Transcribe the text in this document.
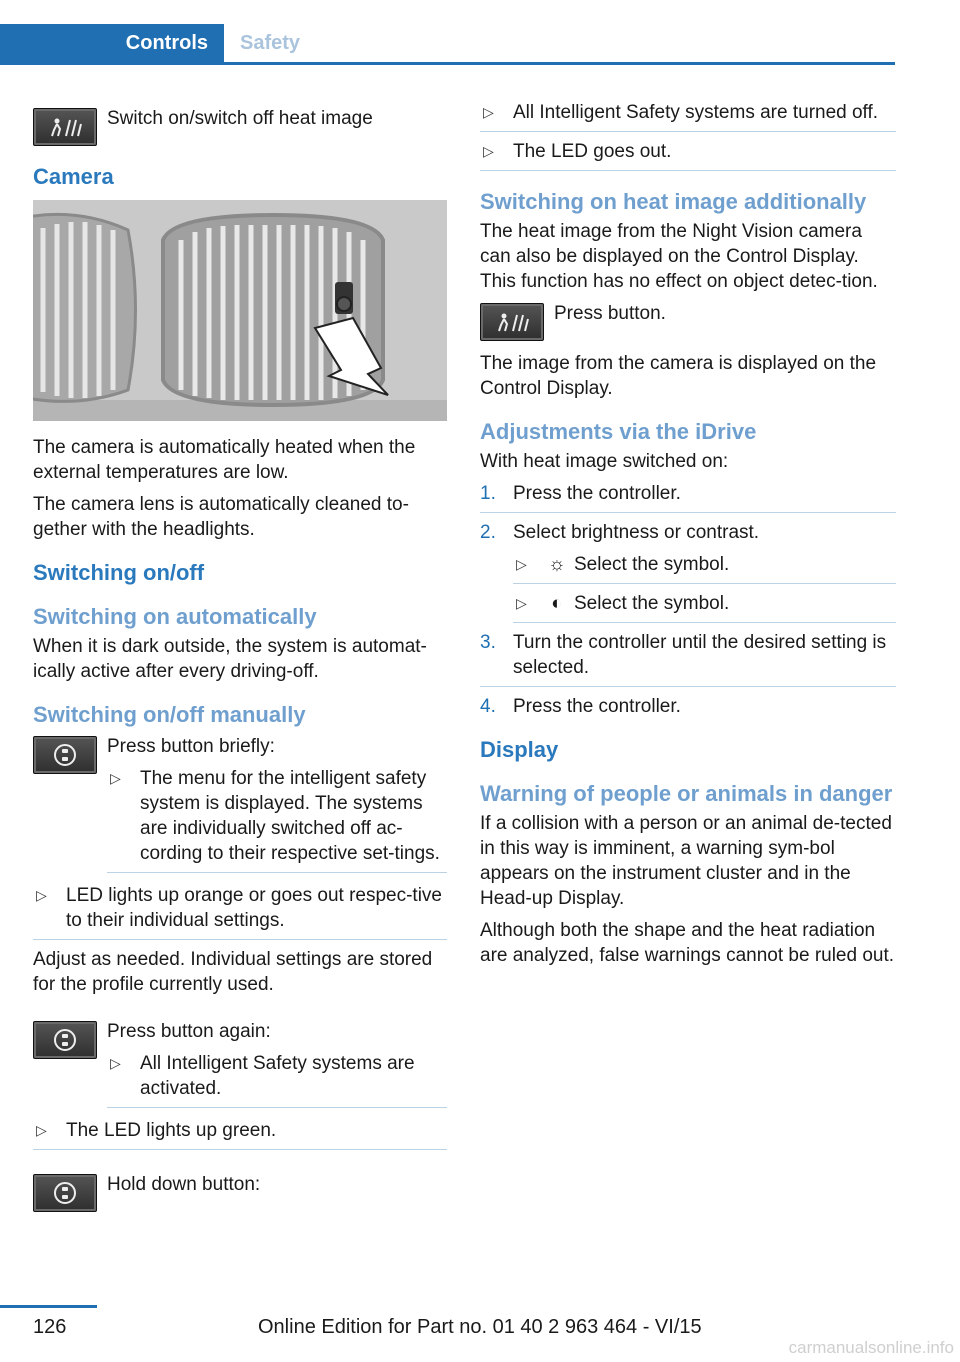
Controls	Safety

Switch on/switch off heat image

Camera

The camera is automatically heated when the external temperatures are low.

The camera lens is automatically cleaned to-gether with the headlights.

Switching on/off
Switching on automatically

When it is dark outside, the system is automat-ically active after every driving-off.

Switching on/off manually

Press button briefly:

▷ The menu for the intelligent safety system is displayed. The systems are individually switched off ac-cording to their respective set-tings.
▷ LED lights up orange or goes out respec-tive to their individual settings.

Adjust as needed. Individual settings are stored for the profile currently used.

Press button again:

▷ All Intelligent Safety systems are activated.
▷ The LED lights up green.

Hold down button:

▷ All Intelligent Safety systems are turned off.
▷ The LED goes out.
Switching on heat image additionally

The heat image from the Night Vision camera can also be displayed on the Control Display. This function has no effect on object detec-tion.

Press button.

The image from the camera is displayed on the Control Display.

Adjustments via the iDrive

With heat image switched on:

1. Press the controller.
2. Select brightness or contrast.
▷ ☼ Select the symbol.
▷ ◐ Select the symbol.
3. Turn the controller until the desired setting is selected.
4. Press the controller.
Display
Warning of people or animals in danger

If a collision with a person or an animal de-tected in this way is imminent, a warning sym-bol appears on the instrument cluster and in the Head-up Display.

Although both the shape and the heat radiation are analyzed, false warnings cannot be ruled out.

126	Online Edition for Part no. 01 40 2 963 464 - VI/15
carmanualsonline.info
